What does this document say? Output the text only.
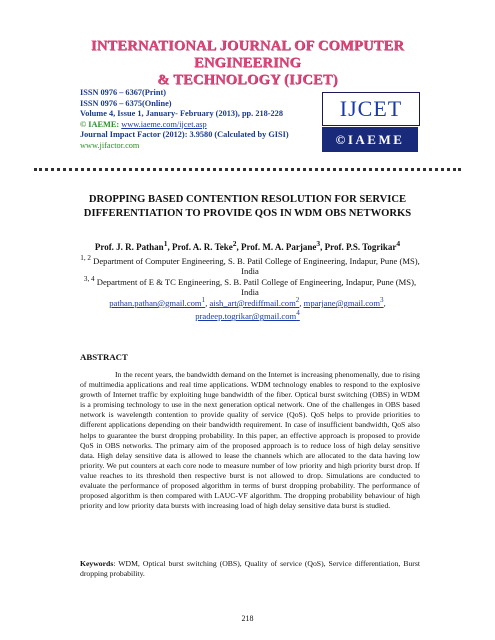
INTERNATIONAL JOURNAL OF COMPUTER ENGINEERING
& TECHNOLOGY (IJCET)
ISSN 0976 – 6367(Print)
ISSN 0976 – 6375(Online)
Volume 4, Issue 1, January- February (2013), pp. 218-228
© IAEME: www.iaeme.com/ijcet.asp
Journal Impact Factor (2012): 3.9580 (Calculated by GISI)
www.jifactor.com
IJCET
©IAEME
DROPPING BASED CONTENTION RESOLUTION FOR SERVICE
DIFFERENTIATION TO PROVIDE QOS IN WDM OBS NETWORKS
Prof. J. R. Pathan$^1$, Prof. A. R. Teke$^2$, Prof. M. A. Parjane$^3$, Prof. P.S. Togrikar$^4$
$^{1, 2}$ Department of Computer Engineering, S. B. Patil College of Engineering, Indapur, Pune (MS), India
$^{3, 4}$ Department of E & TC Engineering, S. B. Patil College of Engineering, Indapur, Pune (MS), India
pathan.pathan@gmail.com$^1$, aish_art@rediffmail.com$^2$, mparjane@gmail.com$^3$, pradeep.togrikar@gmail.com$^4$
ABSTRACT
In the recent years, the bandwidth demand on the Internet is increasing phenomenally, due to rising of multimedia applications and real time applications. WDM technology enables to respond to the explosive growth of Internet traffic by exploiting huge bandwidth of the fiber. Optical burst switching (OBS) in WDM is a promising technology to use in the next generation optical network. One of the challenges in OBS based network is wavelength contention to provide quality of service (QoS). QoS helps to provide priorities to different applications depending on their bandwidth requirement. In case of insufficient bandwidth, QoS also helps to guarantee the burst dropping probability. In this paper, an effective approach is proposed to provide QoS in OBS networks. The primary aim of the proposed approach is to reduce loss of high delay sensitive data. High delay sensitive data is allowed to lease the channels which are allocated to the data having low priority. We put counters at each core node to measure number of low priority and high priority burst drop. If value reaches to its threshold then respective burst is not allowed to drop. Simulations are conducted to evaluate the performance of proposed algorithm in terms of burst dropping probability. The performance of proposed algorithm is then compared with LAUC-VF algorithm. The dropping probability behaviour of high priority and low priority data bursts with increasing load of high delay sensitive data burst is studied.
Keywords: WDM, Optical burst switching (OBS), Quality of service (QoS), Service differentiation, Burst dropping probability.
218
